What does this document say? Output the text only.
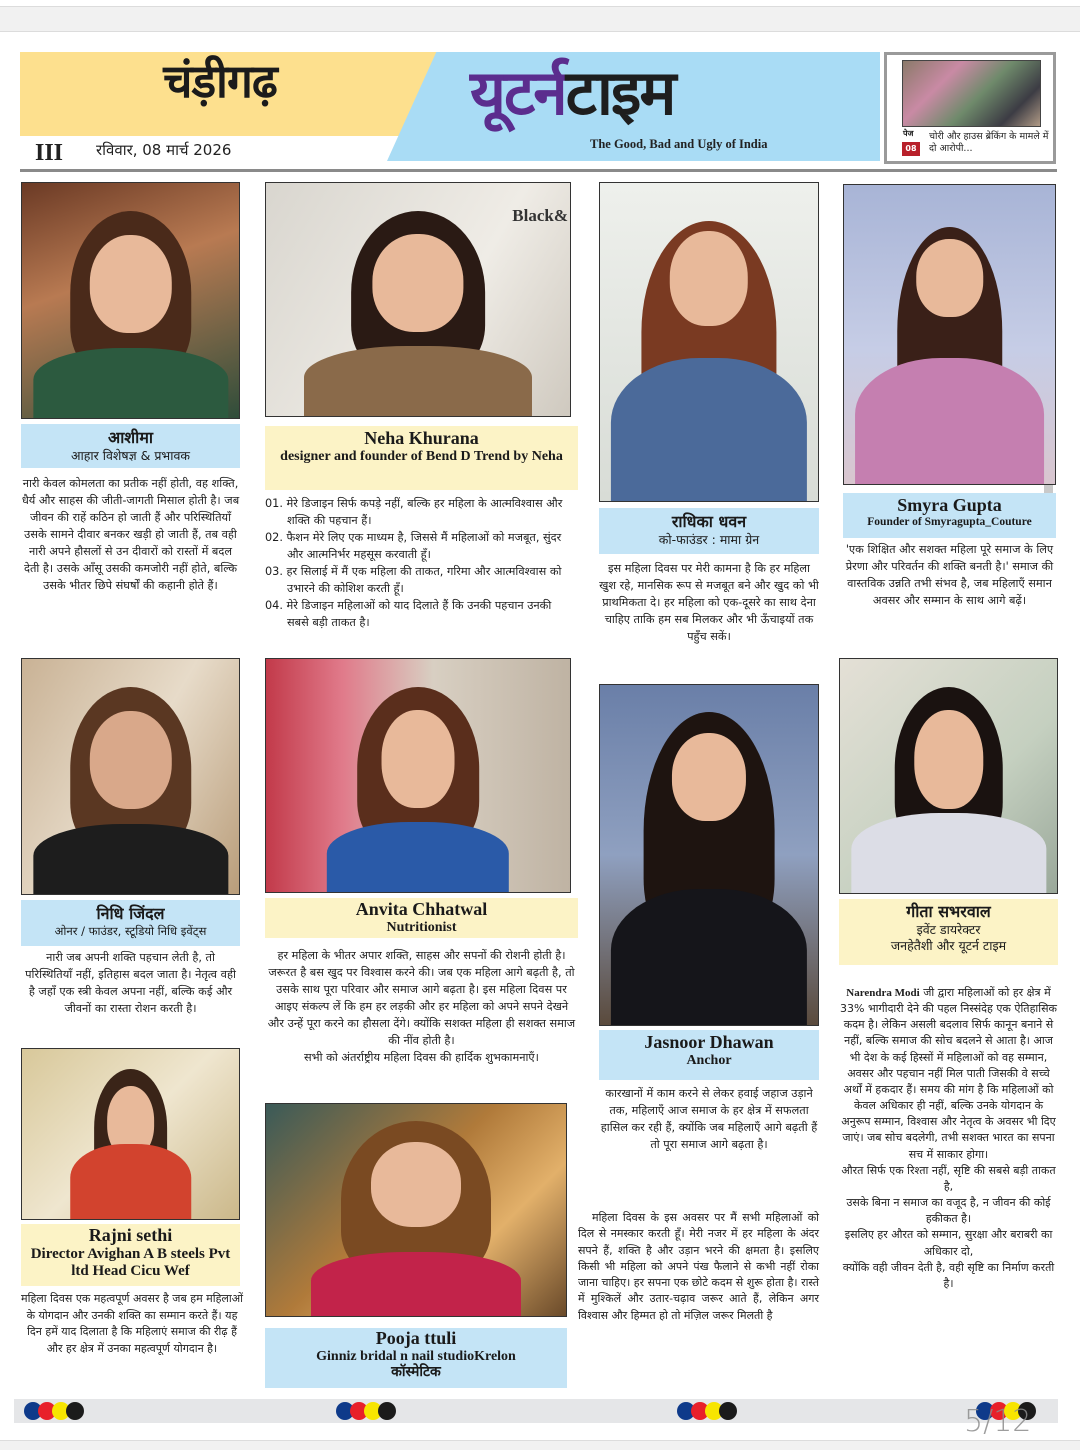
चंड़ीगढ़	यूटर्नटाइम
The Good, Bad and Ugly of India
III रविवार, 08 मार्च 2026
पेज
08
चोरी और हाउस ब्रेकिंग के मामले में दो आरोपी...
आशीमा
आहार विशेषज्ञ & प्रभावक

नारी केवल कोमलता का प्रतीक नहीं होती, वह शक्ति, धैर्य और साहस की जीती-जागती मिसाल होती है। जब जीवन की राहें कठिन हो जाती हैं और परिस्थितियाँ उसके सामने दीवार बनकर खड़ी हो जाती हैं, तब वही नारी अपने हौसलों से उन दीवारों को रास्तों में बदल देती है। उसके आँसू उसकी कमजोरी नहीं होते, बल्कि उसके भीतर छिपे संघर्षों की कहानी होते हैं।

Black&
Neha Khurana
designer and founder of Bend D Trend by Neha

01. मेरे डिजाइन सिर्फ कपड़े नहीं, बल्कि हर महिला के आत्मविश्वास और शक्ति की पहचान हैं।

02. फैशन मेरे लिए एक माध्यम है, जिससे मैं महिलाओं को मजबूत, सुंदर और आत्मनिर्भर महसूस करवाती हूँ।

03. हर सिलाई में मैं एक महिला की ताकत, गरिमा और आत्मविश्वास को उभारने की कोशिश करती हूँ।

04. मेरे डिजाइन महिलाओं को याद दिलाते हैं कि उनकी पहचान उनकी सबसे बड़ी ताकत है।

राधिका धवन
को-फाउंडर : मामा ग्रेन

इस महिला दिवस पर मेरी कामना है कि हर महिला खुश रहे, मानसिक रूप से मजबूत बने और खुद को भी प्राथमिकता दे। हर महिला को एक-दूसरे का साथ देना चाहिए ताकि हम सब मिलकर और भी ऊँचाइयों तक पहुँच सकें।

Smyra Gupta
Founder of Smyragupta_Couture

'एक शिक्षित और सशक्त महिला पूरे समाज के लिए प्रेरणा और परिवर्तन की शक्ति बनती है।' समाज की वास्तविक उन्नति तभी संभव है, जब महिलाएँ समान अवसर और सम्मान के साथ आगे बढ़ें।

निधि जिंदल
ओनर / फाउंडर, स्टूडियो निधि इवेंट्स

नारी जब अपनी शक्ति पहचान लेती है, तो परिस्थितियाँ नहीं, इतिहास बदल जाता है। नेतृत्व वही है जहाँ एक स्त्री केवल अपना नहीं, बल्कि कई और जीवनों का रास्ता रोशन करती है।

Anvita Chhatwal
Nutritionist

हर महिला के भीतर अपार शक्ति, साहस और सपनों की रोशनी होती है। जरूरत है बस खुद पर विश्वास करने की। जब एक महिला आगे बढ़ती है, तो उसके साथ पूरा परिवार और समाज आगे बढ़ता है। इस महिला दिवस पर आइए संकल्प लें कि हम हर लड़की और हर महिला को अपने सपने देखने और उन्हें पूरा करने का हौसला देंगे। क्योंकि सशक्त महिला ही सशक्त समाज की नींव होती है।

सभी को अंतर्राष्ट्रीय महिला दिवस की हार्दिक शुभकामनाएँ।

Jasnoor Dhawan
Anchor

कारखानों में काम करने से लेकर हवाई जहाज उड़ाने तक, महिलाएँ आज समाज के हर क्षेत्र में सफलता हासिल कर रही हैं, क्योंकि जब महिलाएँ आगे बढ़ती हैं तो पूरा समाज आगे बढ़ता है।

गीता सभरवाल
इवेंट डायरेक्टर
जनहेतैशी और यूटर्न टाइम

Narendra Modi जी द्वारा महिलाओं को हर क्षेत्र में 33% भागीदारी देने की पहल निस्संदेह एक ऐतिहासिक कदम है। लेकिन असली बदलाव सिर्फ कानून बनाने से नहीं, बल्कि समाज की सोच बदलने से आता है। आज भी देश के कई हिस्सों में महिलाओं को वह सम्मान, अवसर और पहचान नहीं मिल पाती जिसकी वे सच्चे अर्थों में हकदार हैं। समय की मांग है कि महिलाओं को केवल अधिकार ही नहीं, बल्कि उनके योगदान के अनुरूप सम्मान, विश्वास और नेतृत्व के अवसर भी दिए जाएं। जब सोच बदलेगी, तभी सशक्त भारत का सपना सच में साकार होगा।

औरत सिर्फ एक रिश्ता नहीं, सृष्टि की सबसे बड़ी ताकत है,

उसके बिना न समाज का वजूद है, न जीवन की कोई हकीकत है।

इसलिए हर औरत को सम्मान, सुरक्षा और बराबरी का अधिकार दो,

क्योंकि वही जीवन देती है, वही सृष्टि का निर्माण करती है।

Rajni sethi
Director Avighan A B steels Pvt ltd Head Cicu Wef

महिला दिवस एक महत्वपूर्ण अवसर है जब हम महिलाओं के योगदान और उनकी शक्ति का सम्मान करते हैं। यह दिन हमें याद दिलाता है कि महिलाएं समाज की रीढ़ हैं और हर क्षेत्र में उनका महत्वपूर्ण योगदान है।	Pooja ttuli
Ginniz bridal n nail studioKrelon कॉस्मेटिक

महिला दिवस के इस अवसर पर मैं सभी महिलाओं को दिल से नमस्कार करती हूँ। मेरी नजर में हर महिला के अंदर सपने हैं, शक्ति है और उड़ान भरने की क्षमता है। इसलिए किसी भी महिला को अपने पंख फैलाने से कभी नहीं रोका जाना चाहिए। हर सपना एक छोटे कदम से शुरू होता है। रास्ते में मुश्किलें और उतार-चढ़ाव जरूर आते हैं, लेकिन अगर विश्वास और हिम्मत हो तो मंज़िल जरूर मिलती है

5/12
